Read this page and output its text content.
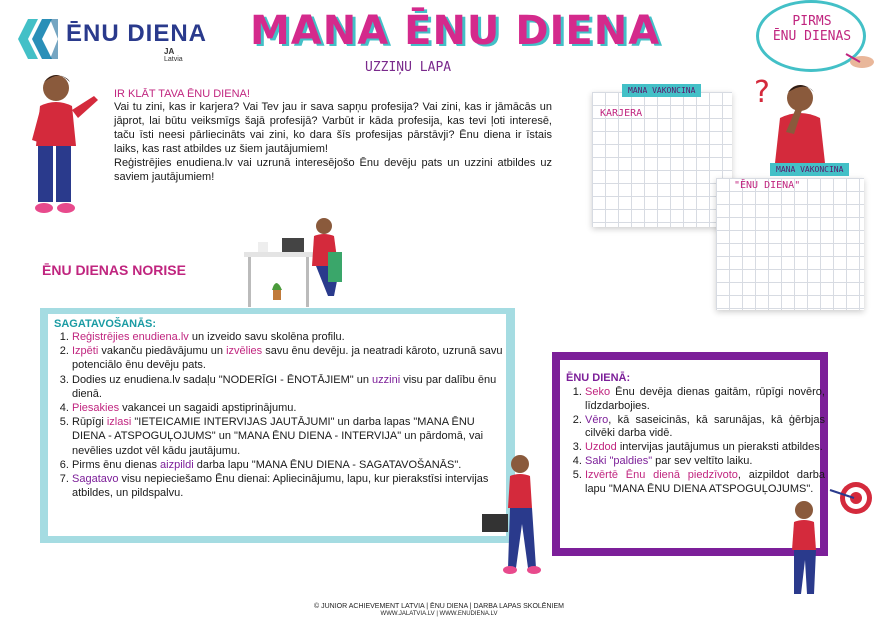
ĒNU DIENA
JA
Latvia
MANA ĒNU DIENA
UZZIŅU LAPA
PIRMS
ĒNU DIENAS
IR KLĀT TAVA ĒNU DIENA!
Vai tu zini, kas ir karjera? Vai Tev jau ir sava sapņu profesija? Vai zini, kas ir jāmācās un jāprot, lai būtu veiksmīgs šajā profesijā? Varbūt ir kāda profesija, kas tevi ļoti interesē, taču īsti neesi pārliecināts vai zini, ko dara šīs profesijas pārstāvji? Ēnu diena ir īstais laiks, kas rast atbildes uz šiem jautājumiem!
Reģistrējies enudiena.lv vai uzrunā interesējošo Ēnu devēju pats un uzzini atbildes uz saviem jautājumiem!
MANA VAKONCINA
KARJERA
?
MANA VAKONCINA
"ĒNU DIENA"
ĒNU DIENAS NORISE
SAGATAVOŠANĀS:
1. Reģistrējies enudiena.lv un izveido savu skolēna profilu.
2. Izpēti vakanču piedāvājumu un izvēlies savu ēnu devēju. ja neatradi kāroto, uzrunā savu potenciālo ēnu devēju pats.
3. Dodies uz enudiena.lv sadaļu "NODERĪGI - ĒNOTĀJIEM" un uzzini visu par dalību ēnu dienā.
4. Piesakies vakancei un sagaidi apstiprinājumu.
5. Rūpīgi izlasi "IETEICAMIE INTERVIJAS JAUTĀJUMI" un darba lapas "MANA ĒNU DIENA - ATSPOGUĻOJUMS" un "MANA ĒNU DIENA - INTERVIJA" un pārdomā, vai nevēlies uzdot vēl kādu jautājumu.
6. Pirms ēnu dienas aizpildi darba lapu "MANA ĒNU DIENA - SAGATAVOŠANĀS".
7. Sagatavo visu nepieciešamo Ēnu dienai: Apliecinājumu, lapu, kur pierakstīsi intervijas atbildes, un pildspalvu.
ĒNU DIENĀ:
1. Seko Ēnu devēja dienas gaitām, rūpīgi novēro, līdzdarbojies.
2. Vēro, kā saseicinās, kā sarunājas, kā ģērbjas cilvēki darba vidē.
3. Uzdod intervijas jautājumus un pieraksti atbildes.
4. Saki "paldies" par sev veltīto laiku.
5. Izvērtē Ēnu dienā piedzīvoto, aizpildot darba lapu "MANA ĒNU DIENA ATSPOGUĻOJUMS".
© JUNIOR ACHIEVEMENT LATVIA | ĒNU DIENA | DARBA LAPAS SKOLĒNIEM
WWW.JALATVIA.LV | WWW.ENUDIENA.LV
